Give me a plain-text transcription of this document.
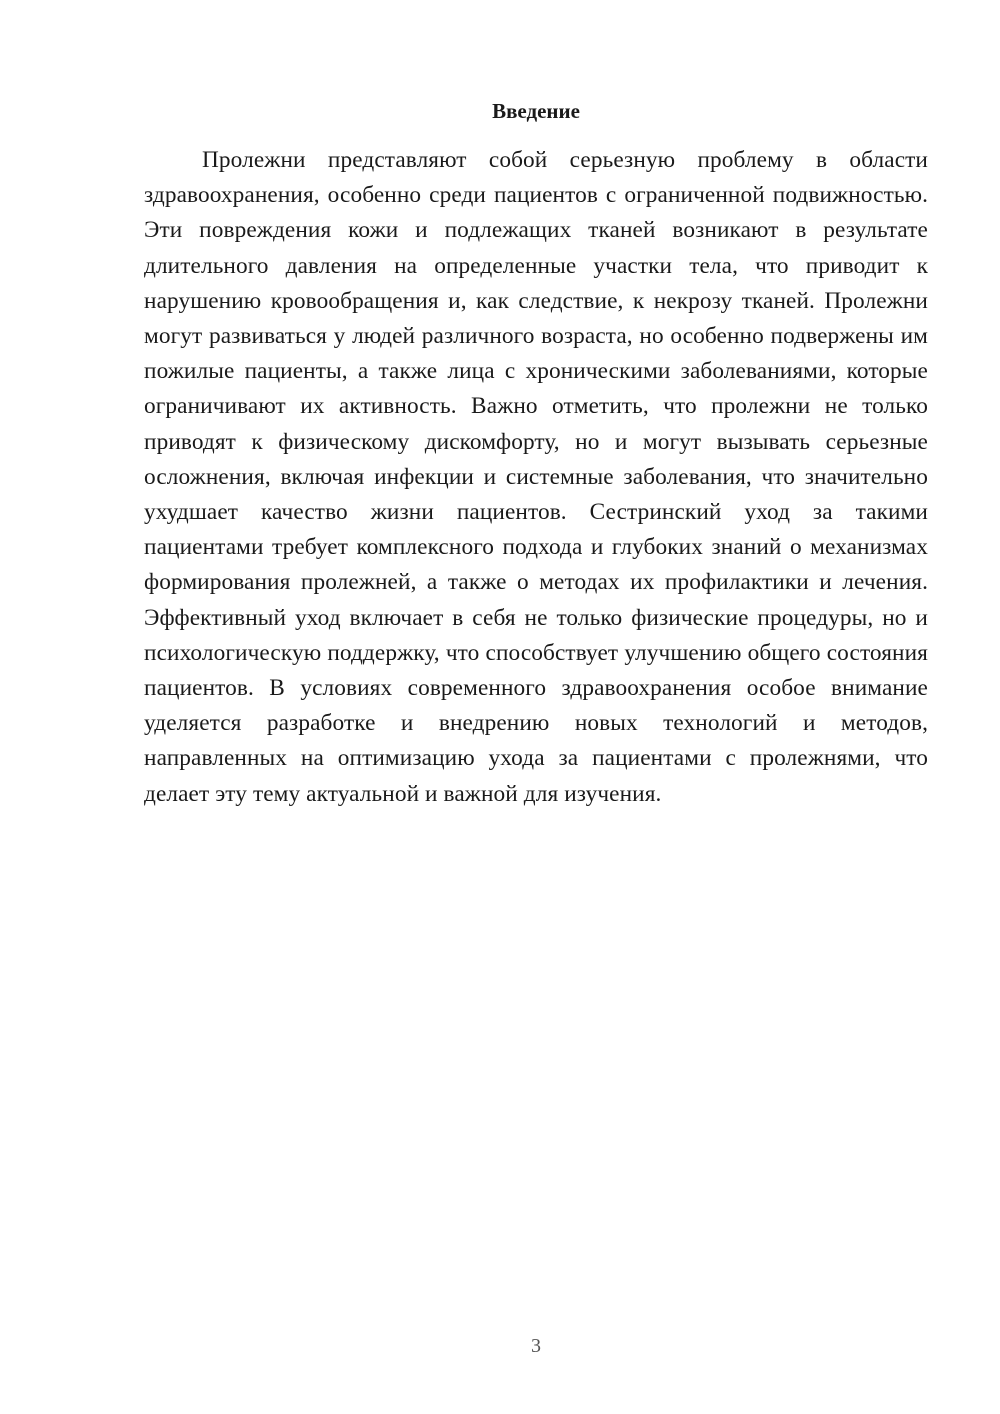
Введение

Пролежни представляют собой серьезную проблему в области здравоохранения, особенно среди пациентов с ограниченной подвижностью. Эти повреждения кожи и подлежащих тканей возникают в результате длительного давления на определенные участки тела, что приводит к нарушению кровообращения и, как следствие, к некрозу тканей. Пролежни могут развиваться у людей различного возраста, но особенно подвержены им пожилые пациенты, а также лица с хроническими заболеваниями, которые ограничивают их активность. Важно отметить, что пролежни не только приводят к физическому дискомфорту, но и могут вызывать серьезные осложнения, включая инфекции и системные заболевания, что значительно ухудшает качество жизни пациентов. Сестринский уход за такими пациентами требует комплексного подхода и глубоких знаний о механизмах формирования пролежней, а также о методах их профилактики и лечения. Эффективный уход включает в себя не только физические процедуры, но и психологическую поддержку, что способствует улучшению общего состояния пациентов. В условиях современного здравоохранения особое внимание уделяется разработке и внедрению новых технологий и методов, направленных на оптимизацию ухода за пациентами с пролежнями, что делает эту тему актуальной и важной для изучения.

3
